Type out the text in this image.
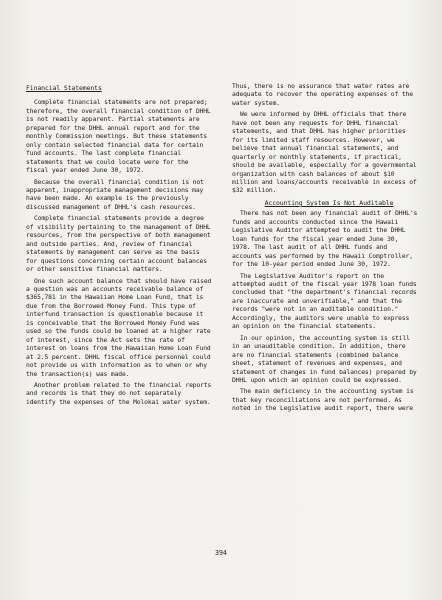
Financial Statements

Complete financial statements are not prepared; therefore, the overall financial condition of DHHL is not readily apparent. Partial statements are prepared for the DHHL annual report and for the monthly Commission meetings. But these statements only contain selected financial data for certain fund accounts. The last complete financial statements that we could locate were for the fiscal year ended June 30, 1972.

Because the overall financial condition is not apparent, inappropriate management decisions may have been made. An example is the previously discussed management of DHHL's cash resources.

Complete financial statements provide a degree of visibility pertaining to the management of DHHL resources, from the perspective of both management and outside parties. And, review of financial statements by management can serve as the basis for questions concerning certain account balances or other sensitive financial matters.

One such account balance that should have raised a question was an accounts receivable balance of $365,781 in the Hawaiian Home Loan Fund, that is due from the Borrowed Money Fund. This type of interfund transaction is questionable because it is conceivable that the Borrowed Money Fund was used so the funds could be loaned at a higher rate of interest, since the Act sets the rate of interest on loans from the Hawaiian Home Loan Fund at 2.5 percent. DHHL fiscal office personnel could not provide us with information as to when or why the transaction(s) was made.

Another problem related to the financial reports and records is that they do not separately identify the expenses of the Molokai water system.

Thus, there is no assurance that water rates are adequate to recover the operating expenses of the water system.

We were informed by DHHL officials that there have not been any requests for DHHL financial statements, and that DHHL has higher priorities for its limited staff resources. However, we believe that annual financial statements, and quarterly or monthly statements, if practical, should be available, especially for a governmental organization with cash balances of about $10 million and loans/accounts receivable in excess of $32 million.

Accounting System Is Not Auditable

There has not been any financial audit of DHHL's funds and accounts conducted since the Hawaii Legislative Auditor attempted to audit the DHHL loan funds for the fiscal year ended June 30, 1978. The last audit of all DHHL funds and accounts was performed by the Hawaii Comptroller, for the 10-year period ended June 30, 1972.

The Legislative Auditor's report on the attempted audit of the fiscal year 1978 loan funds concluded that "the department's financial records are inaccurate and unverifiable," and that the records "were not in an auditable condition." Accordingly, the auditors were unable to express an opinion on the financial statements.

In our opinion, the accounting system is still in an unauditable condition. In addition, there are no financial statements (combined balance sheet, statement of revenues and expenses, and statement of changes in fund balances) prepared by DHHL upon which an opinion could be expressed.

The main deficiency in the accounting system is that key reconciliations are not performed. As noted in the Legislative audit report, there were

394
